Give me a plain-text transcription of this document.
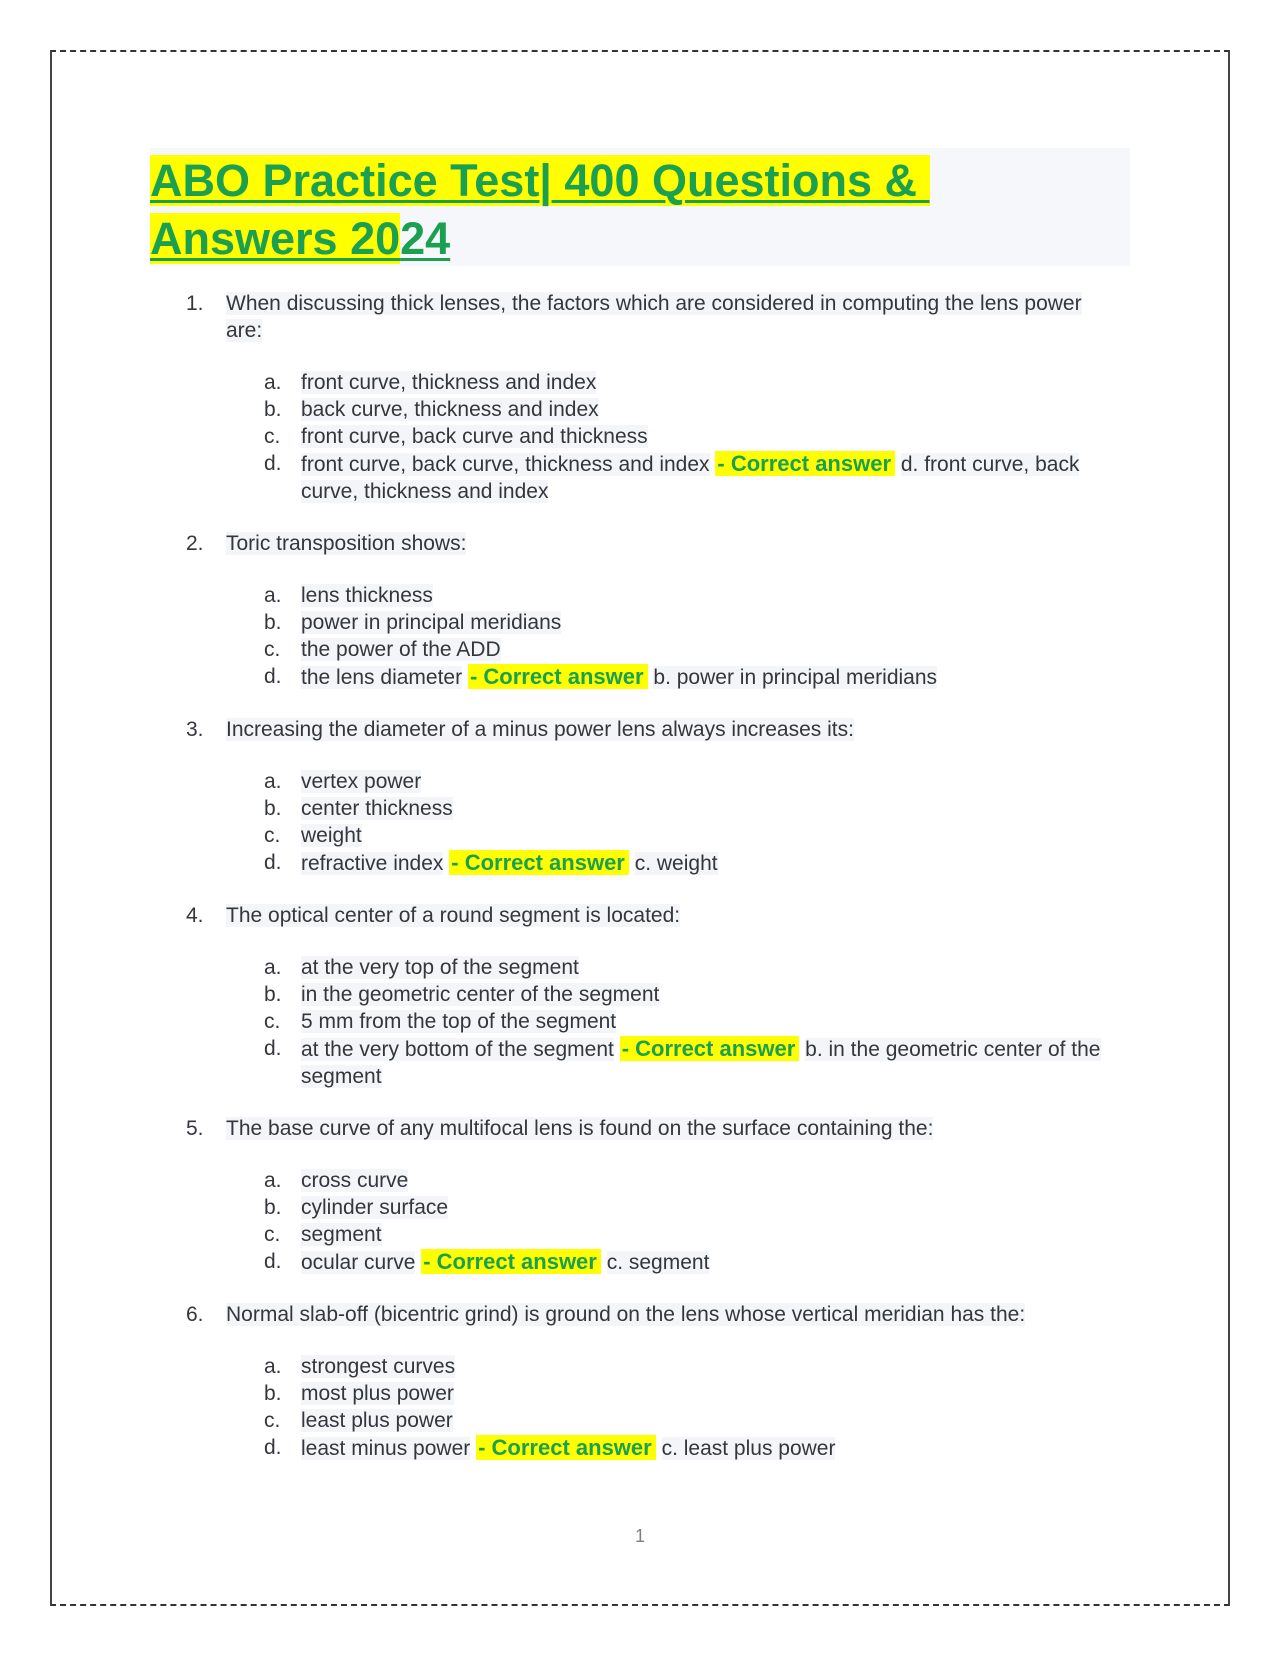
ABO Practice Test| 400 Questions &
Answers 2024
1. When discussing thick lenses, the factors which are considered in computing the lens power are:
a. front curve, thickness and index
b. back curve, thickness and index
c. front curve, back curve and thickness
d. front curve, back curve, thickness and index - Correct answer d. front curve, back curve, thickness and index
2. Toric transposition shows:
a. lens thickness
b. power in principal meridians
c. the power of the ADD
d. the lens diameter - Correct answer b. power in principal meridians
3. Increasing the diameter of a minus power lens always increases its:
a. vertex power
b. center thickness
c. weight
d. refractive index - Correct answer c. weight
4. The optical center of a round segment is located:
a. at the very top of the segment
b. in the geometric center of the segment
c. 5 mm from the top of the segment
d. at the very bottom of the segment - Correct answer b. in the geometric center of the segment
5. The base curve of any multifocal lens is found on the surface containing the:
a. cross curve
b. cylinder surface
c. segment
d. ocular curve - Correct answer c. segment
6. Normal slab-off (bicentric grind) is ground on the lens whose vertical meridian has the:
a. strongest curves
b. most plus power
c. least plus power
d. least minus power - Correct answer c. least plus power
1
